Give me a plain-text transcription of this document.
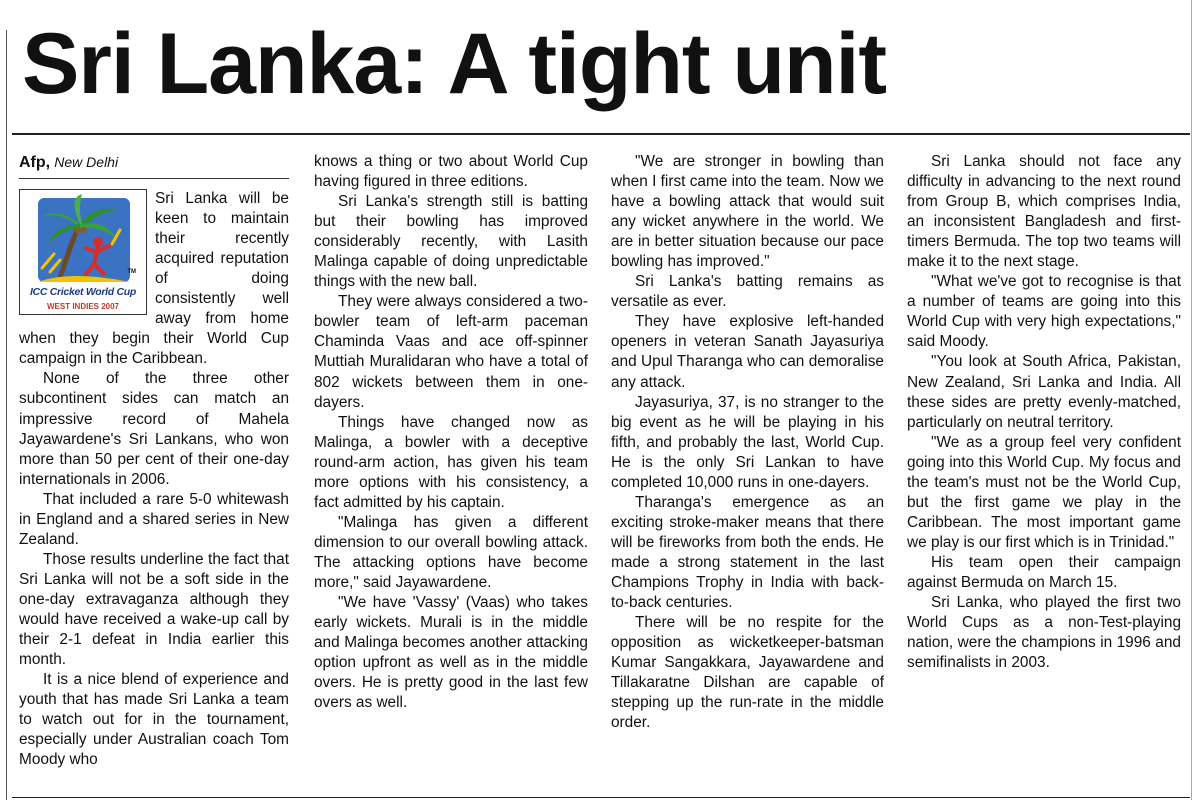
Sri Lanka: A tight unit
Afp, New Delhi
TM
ICC Cricket World Cup
WEST INDIES 2007

Sri Lanka will be keen to maintain their recently acquired reputation of doing consistently well away from home when they begin their World Cup campaign in the Caribbean.

None of the three other subcontinent sides can match an impressive record of Mahela Jayawardene's Sri Lankans, who won more than 50 per cent of their one-day internationals in 2006.

That included a rare 5-0 whitewash in England and a shared series in New Zealand.

Those results underline the fact that Sri Lanka will not be a soft side in the one-day extravaganza although they would have received a wake-up call by their 2-1 defeat in India earlier this month.

It is a nice blend of experience and youth that has made Sri Lanka a team to watch out for in the tournament, especially under Australian coach Tom Moody who

knows a thing or two about World Cup having figured in three editions.

Sri Lanka's strength still is batting but their bowling has improved considerably recently, with Lasith Malinga capable of doing unpredictable things with the new ball.

They were always considered a two-bowler team of left-arm paceman Chaminda Vaas and ace off-spinner Muttiah Muralidaran who have a total of 802 wickets between them in one-dayers.

Things have changed now as Malinga, a bowler with a deceptive round-arm action, has given his team more options with his consistency, a fact admitted by his captain.

"Malinga has given a different dimension to our overall bowling attack. The attacking options have become more," said Jayawardene.

"We have 'Vassy' (Vaas) who takes early wickets. Murali is in the middle and Malinga becomes another attacking option upfront as well as in the middle overs. He is pretty good in the last few overs as well.

"We are stronger in bowling than when I first came into the team. Now we have a bowling attack that would suit any wicket anywhere in the world. We are in better situation because our pace bowling has improved."

Sri Lanka's batting remains as versatile as ever.

They have explosive left-handed openers in veteran Sanath Jayasuriya and Upul Tharanga who can demoralise any attack.

Jayasuriya, 37, is no stranger to the big event as he will be playing in his fifth, and probably the last, World Cup. He is the only Sri Lankan to have completed 10,000 runs in one-dayers.

Tharanga's emergence as an exciting stroke-maker means that there will be fireworks from both the ends. He made a strong statement in the last Champions Trophy in India with back-to-back centuries.

There will be no respite for the opposition as wicketkeeper-batsman Kumar Sangakkara, Jayawardene and Tillakaratne Dilshan are capable of stepping up the run-rate in the middle order.

Sri Lanka should not face any difficulty in advancing to the next round from Group B, which comprises India, an inconsistent Bangladesh and first-timers Bermuda. The top two teams will make it to the next stage.

"What we've got to recognise is that a number of teams are going into this World Cup with very high expectations," said Moody.

"You look at South Africa, Pakistan, New Zealand, Sri Lanka and India. All these sides are pretty evenly-matched, particularly on neutral territory.

"We as a group feel very confident going into this World Cup. My focus and the team's must not be the World Cup, but the first game we play in the Caribbean. The most important game we play is our first which is in Trinidad."

His team open their campaign against Bermuda on March 15.

Sri Lanka, who played the first two World Cups as a non-Test-playing nation, were the champions in 1996 and semifinalists in 2003.
